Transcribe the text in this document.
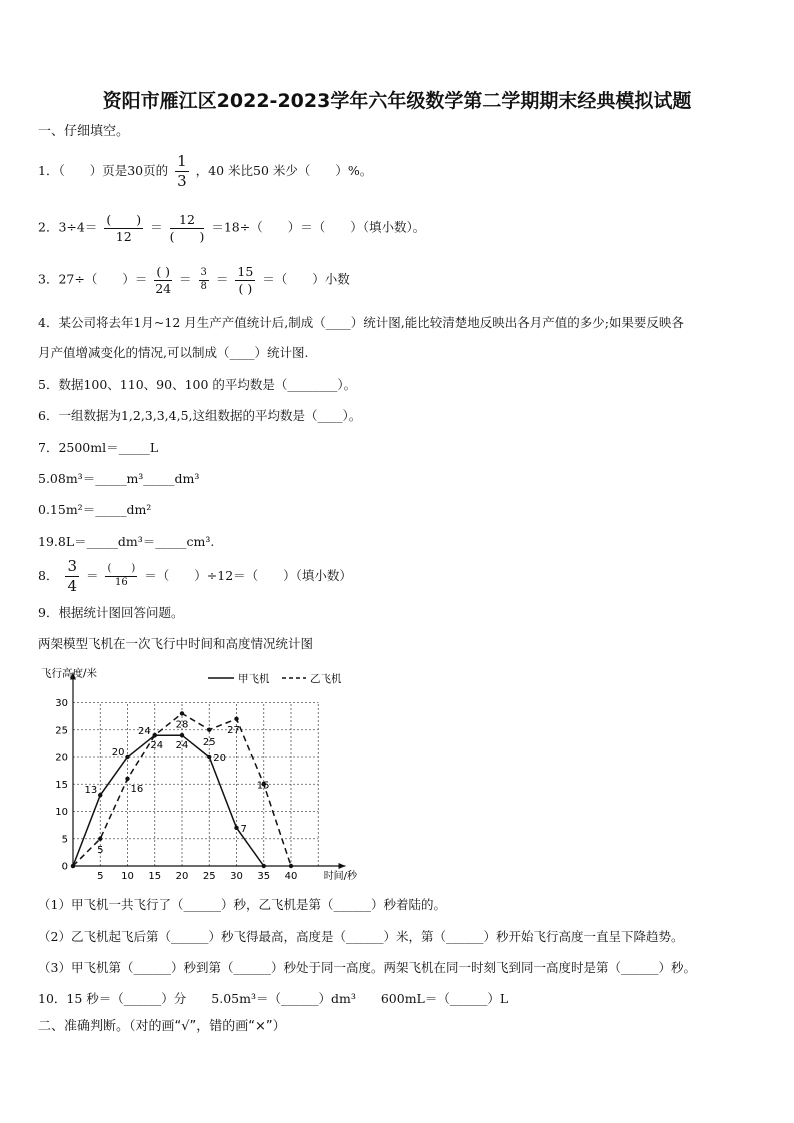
资阳市雁江区2022-2023学年六年级数学第二学期期末经典模拟试题
一、仔细填空。
1．（　　）页是30页的 $\frac{1}{3}$ ，40 米比50 米少（　　）%。
2．$3\div 4= \frac{( )}{12} = \frac{12}{( )} =18\div$（　　）＝（　　）（填小数）。
3．27÷（　　）＝ $\frac{( )}{24} = \frac{3}{8} = \frac{15}{( )}$ ＝（　　）小数
4．某公司将去年1月~12 月生产产值统计后,制成（____）统计图,能比较清楚地反映出各月产值的多少;如果要反映各
月产值增减变化的情况,可以制成（____）统计图.
5．数据100、110、90、100 的平均数是（________）。
6．一组数据为1,2,3,3,4,5,这组数据的平均数是（____）。
7．2500ml＝_____L
5.08m³＝_____m³_____dm³
0.15m²＝_____dm²
19.8L＝_____dm³＝_____cm³.
8． $\frac{3}{4} = \frac{( )}{16}$ ＝（　　）÷12＝（　　）（填小数）
9．根据统计图回答问题。
两架模型飞机在一次飞行中时间和高度情况统计图
5 10 15 20 25 30 35 40
0
5
10
15
20
25
30
时间/秒
飞行高度/米	甲飞机	乙飞机
13
20
24
24
20
7
5
16
24
28
25
27
15
（1）甲飞机一共飞行了（______）秒，乙飞机是第（______）秒着陆的。
（2）乙飞机起飞后第（______）秒飞得最高，高度是（______）米，第（______）秒开始飞行高度一直呈下降趋势。
（3）甲飞机第（______）秒到第（______）秒处于同一高度。两架飞机在同一时刻飞到同一高度时是第（______）秒。
10．15 秒＝（______）分　　5.05m³＝（______）dm³　　600mL＝（______）L
二、准确判断。（对的画“√”，错的画“×”）
